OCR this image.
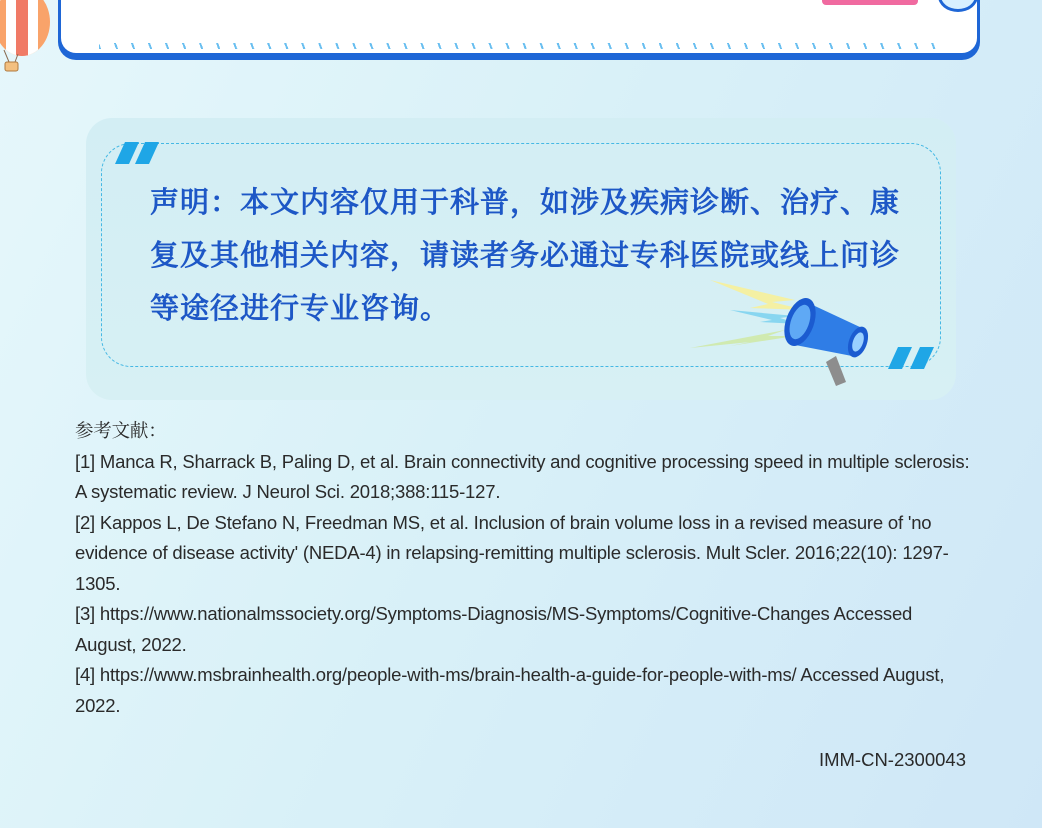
声明：本文内容仅用于科普，如涉及疾病诊断、治疗、康复及其他相关内容，请读者务必通过专科医院或线上问诊等途径进行专业咨询。

参考文献：

[1] Manca R, Sharrack B, Paling D, et al. Brain connectivity and cognitive processing speed in multiple sclerosis: A systematic review. J Neurol Sci. 2018;388:115-127.

[2] Kappos L, De Stefano N, Freedman MS, et al. Inclusion of brain volume loss in a revised measure of 'no evidence of disease activity' (NEDA-4) in relapsing-remitting multiple sclerosis. Mult Scler. 2016;22(10): 1297-1305.

[3] https://www.nationalmssociety.org/Symptoms-Diagnosis/MS-Symptoms/Cognitive-Changes Accessed August, 2022.

[4] https://www.msbrainhealth.org/people-with-ms/brain-health-a-guide-for-people-with-ms/ Accessed August, 2022.

IMM-CN-2300043
